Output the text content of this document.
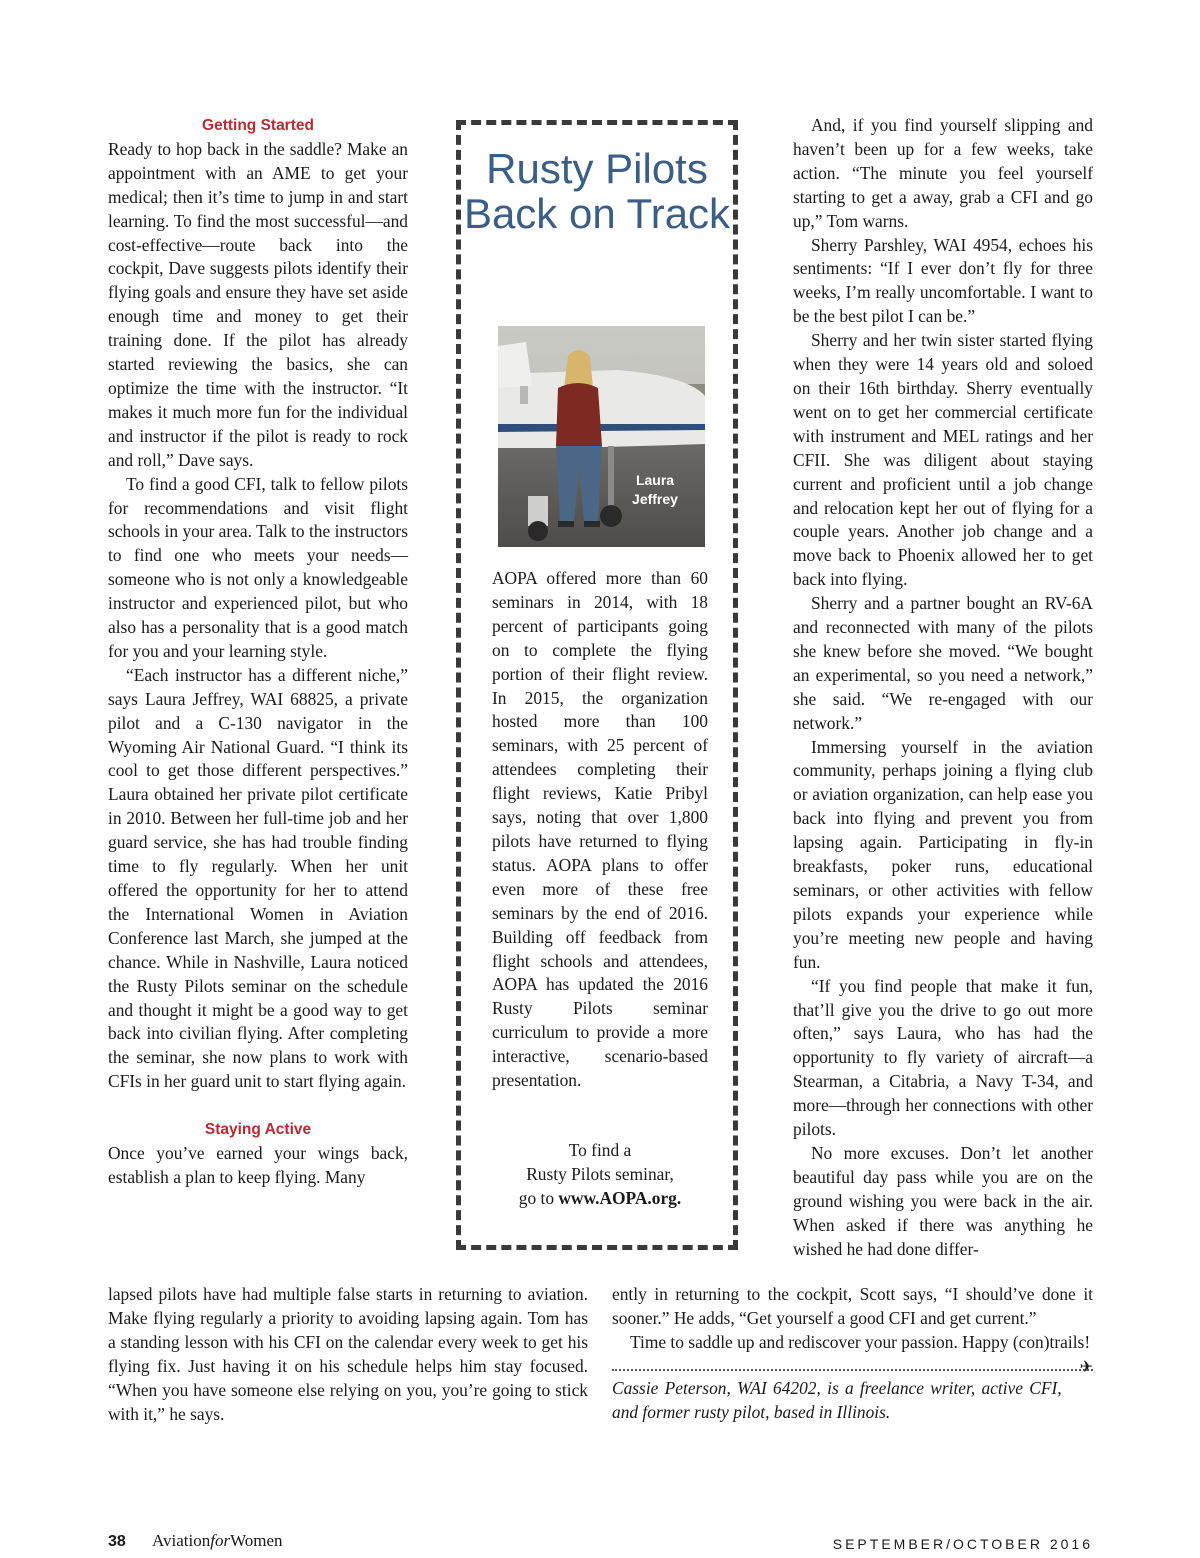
Getting Started

Ready to hop back in the saddle? Make an appointment with an AME to get your medical; then it’s time to jump in and start learning. To find the most successful—and cost-effective—route back into the cockpit, Dave suggests pilots identify their flying goals and ensure they have set aside enough time and money to get their training done. If the pilot has already started reviewing the basics, she can optimize the time with the instructor. “It makes it much more fun for the individual and instructor if the pilot is ready to rock and roll,” Dave says.

To find a good CFI, talk to fellow pilots for recommendations and visit flight schools in your area. Talk to the instructors to find one who meets your needs—someone who is not only a knowledgeable instructor and experienced pilot, but who also has a personality that is a good match for you and your learning style.

“Each instructor has a different niche,” says Laura Jeffrey, WAI 68825, a private pilot and a C-130 navigator in the Wyoming Air National Guard. “I think its cool to get those different perspectives.” Laura obtained her private pilot certificate in 2010. Between her full-time job and her guard service, she has had trouble finding time to fly regularly. When her unit offered the opportunity for her to attend the International Women in Aviation Conference last March, she jumped at the chance. While in Nashville, Laura noticed the Rusty Pilots seminar on the schedule and thought it might be a good way to get back into civilian flying. After completing the seminar, she now plans to work with CFIs in her guard unit to start flying again.

Staying Active

Once you’ve earned your wings back, establish a plan to keep flying. Many

Rusty Pilots Back on Track
Laura Jeffrey

AOPA offered more than 60 seminars in 2014, with 18 percent of participants going on to complete the flying portion of their flight review. In 2015, the organization hosted more than 100 seminars, with 25 percent of attendees completing their flight reviews, Katie Pribyl says, noting that over 1,800 pilots have returned to flying status. AOPA plans to offer even more of these free seminars by the end of 2016. Building off feedback from flight schools and attendees, AOPA has updated the 2016 Rusty Pilots seminar curriculum to provide a more interactive, scenario-based presentation.

To find a
Rusty Pilots seminar,
go to www.AOPA.org.

And, if you find yourself slipping and haven’t been up for a few weeks, take action. “The minute you feel yourself starting to get a away, grab a CFI and go up,” Tom warns.

Sherry Parshley, WAI 4954, echoes his sentiments: “If I ever don’t fly for three weeks, I’m really uncomfortable. I want to be the best pilot I can be.”

Sherry and her twin sister started flying when they were 14 years old and soloed on their 16th birthday. Sherry eventually went on to get her commercial certificate with instrument and MEL ratings and her CFII. She was diligent about staying current and proficient until a job change and relocation kept her out of flying for a couple years. Another job change and a move back to Phoenix allowed her to get back into flying.

Sherry and a partner bought an RV-6A and reconnected with many of the pilots she knew before she moved. “We bought an experimental, so you need a network,” she said. “We re-engaged with our network.”

Immersing yourself in the aviation community, perhaps joining a flying club or aviation organization, can help ease you back into flying and prevent you from lapsing again. Participating in fly-in breakfasts, poker runs, educational seminars, or other activities with fellow pilots expands your experience while you’re meeting new people and having fun.

“If you find people that make it fun, that’ll give you the drive to go out more often,” says Laura, who has had the opportunity to fly variety of aircraft—a Stearman, a Citabria, a Navy T-34, and more—through her connections with other pilots.

No more excuses. Don’t let another beautiful day pass while you are on the ground wishing you were back in the air. When asked if there was anything he wished he had done differ-

lapsed pilots have had multiple false starts in returning to aviation. Make flying regularly a priority to avoiding lapsing again. Tom has a standing lesson with his CFI on the calendar every week to get his flying fix. Just having it on his schedule helps him stay focused. “When you have someone else relying on you, you’re going to stick with it,” he says.

ently in returning to the cockpit, Scott says, “I should’ve done it sooner.” He adds, “Get yourself a good CFI and get current.”

Time to saddle up and rediscover your passion. Happy (con)trails!
✈

Cassie Peterson, WAI 64202, is a freelance writer, active CFI, and former rusty pilot, based in Illinois.

38 AviationforWomen	SEPTEMBER/OCTOBER 2016
